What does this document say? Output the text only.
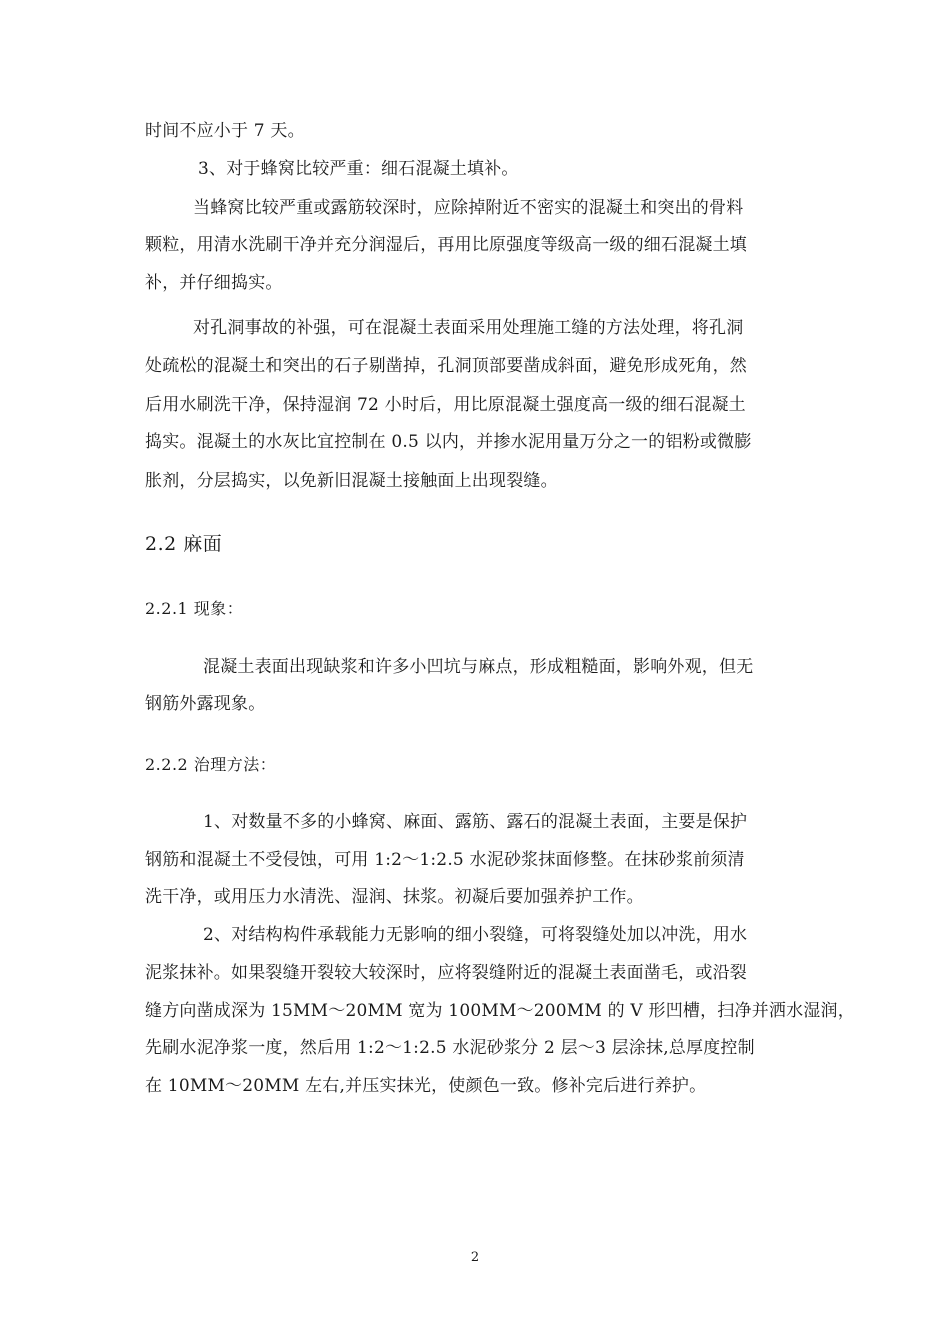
时间不应小于 7 天。
3、对于蜂窝比较严重：细石混凝土填补。
当蜂窝比较严重或露筋较深时，应除掉附近不密实的混凝土和突出的骨料
颗粒，用清水洗刷干净并充分润湿后，再用比原强度等级高一级的细石混凝土填
补，并仔细捣实。
对孔洞事故的补强，可在混凝土表面采用处理施工缝的方法处理，将孔洞
处疏松的混凝土和突出的石子剔凿掉，孔洞顶部要凿成斜面，避免形成死角，然
后用水刷洗干净，保持湿润 72 小时后，用比原混凝土强度高一级的细石混凝土
捣实。混凝土的水灰比宜控制在 0.5 以内，并掺水泥用量万分之一的铝粉或微膨
胀剂，分层捣实，以免新旧混凝土接触面上出现裂缝。
2.2 麻面
2.2.1 现象：
混凝土表面出现缺浆和许多小凹坑与麻点，形成粗糙面，影响外观，但无
钢筋外露现象。
2.2.2 治理方法：
1、对数量不多的小蜂窝、麻面、露筋、露石的混凝土表面，主要是保护
钢筋和混凝土不受侵蚀，可用 1:2～1:2.5 水泥砂浆抹面修整。在抹砂浆前须清
洗干净，或用压力水清洗、湿润、抹浆。初凝后要加强养护工作。
2、对结构构件承载能力无影响的细小裂缝，可将裂缝处加以冲洗，用水
泥浆抹补。如果裂缝开裂较大较深时，应将裂缝附近的混凝土表面凿毛，或沿裂
缝方向凿成深为 15MM～20MM 宽为 100MM～200MM 的 V 形凹槽，扫净并洒水湿润，
先刷水泥净浆一度，然后用 1:2～1:2.5 水泥砂浆分 2 层～3 层涂抹,总厚度控制
在 10MM～20MM 左右,并压实抹光，使颜色一致。修补完后进行养护。
2
